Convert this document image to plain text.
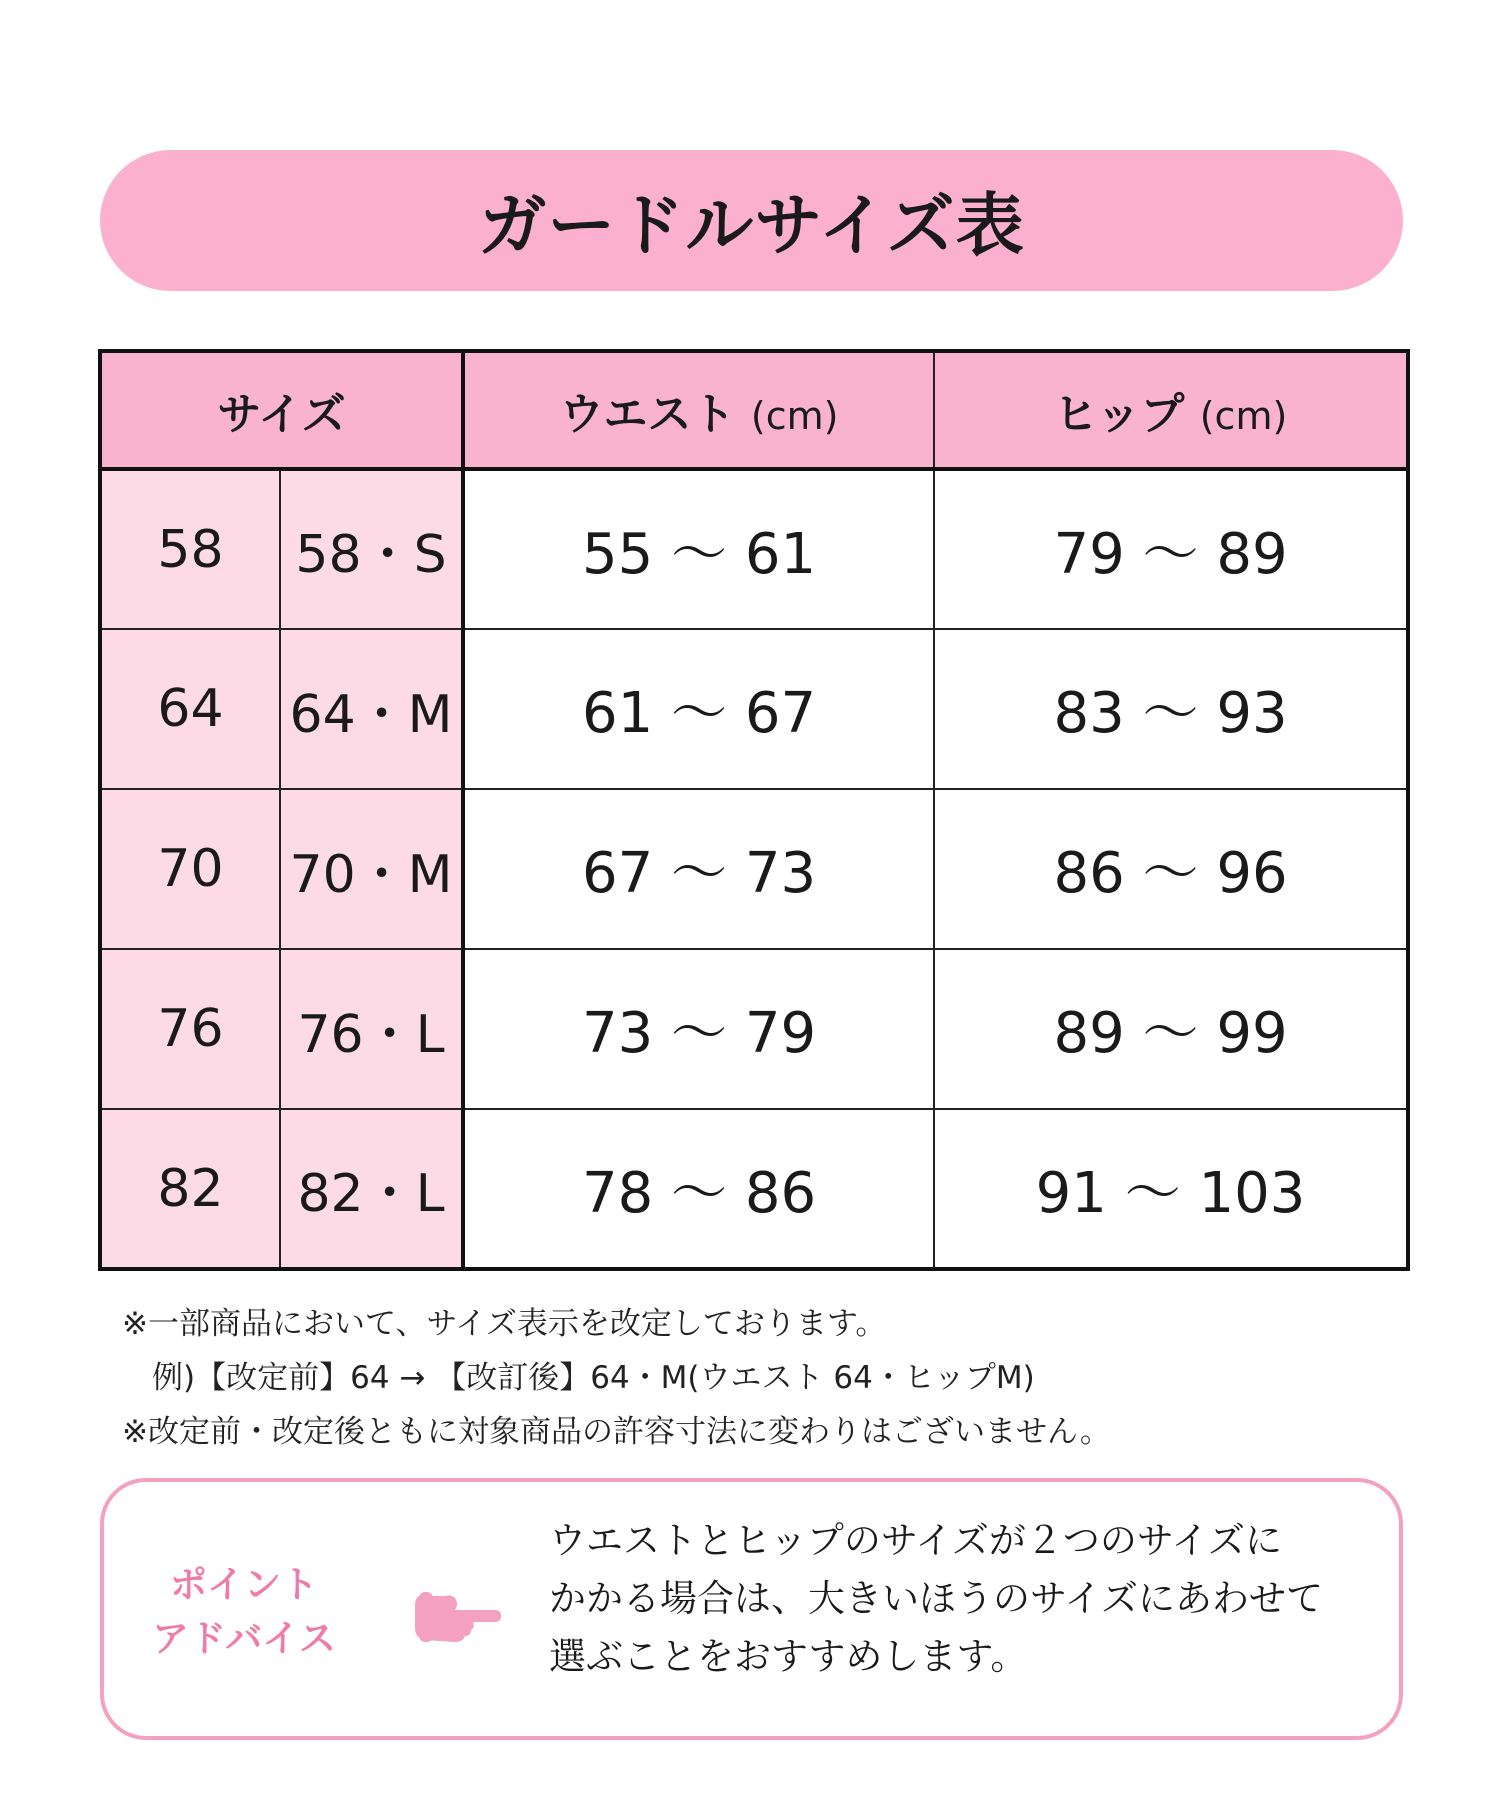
ガードルサイズ表
サイズ		ウエスト (cm)	ヒップ (cm)
58	58・S	55 〜 61	79 〜 89
64	64・M	61 〜 67	83 〜 93
70	70・M	67 〜 73	86 〜 96
76	76・L	73 〜 79	89 〜 99
82	82・L	78 〜 86	91 〜 103
※一部商品において、サイズ表示を改定しております。
例)【改定前】64 → 【改訂後】64・M(ウエスト 64・ヒップM)
※改定前・改定後ともに対象商品の許容寸法に変わりはございません。
ポイント
アドバイス
ウエストとヒップのサイズが２つのサイズに
かかる場合は、大きいほうのサイズにあわせて
選ぶことをおすすめします。
